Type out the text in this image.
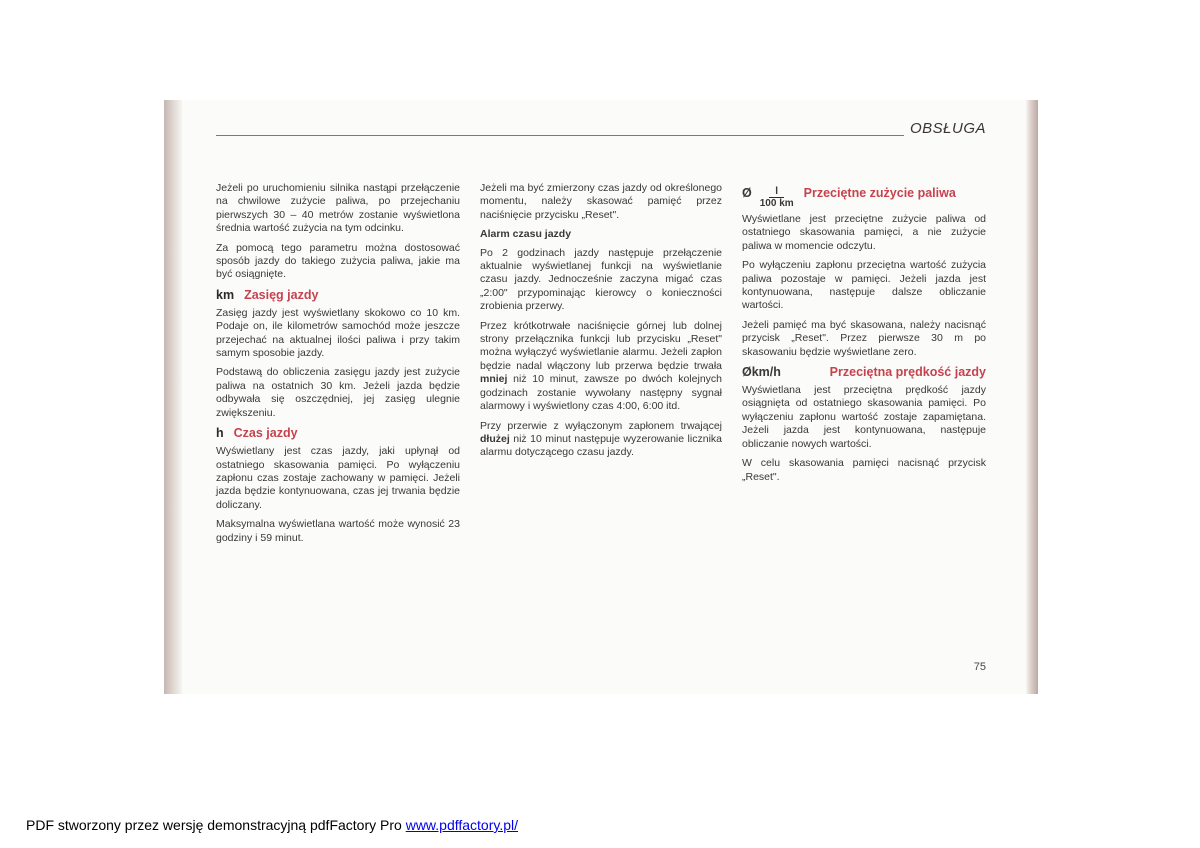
OBSŁUGA

Jeżeli po uruchomieniu silnika nastąpi przełączenie na chwilowe zużycie paliwa, po przejechaniu pierwszych 30 – 40 metrów zostanie wyświetlona średnia wartość zużycia na tym odcinku.

Za pomocą tego parametru można dostosować sposób jazdy do takiego zużycia paliwa, jakie ma być osiągnięte.

km Zasięg jazdy

Zasięg jazdy jest wyświetlany skokowo co 10 km. Podaje on, ile kilometrów samochód może jeszcze przejechać na aktualnej ilości paliwa i przy takim samym sposobie jazdy.

Podstawą do obliczenia zasięgu jazdy jest zużycie paliwa na ostatnich 30 km. Jeżeli jazda będzie odbywała się oszczędniej, jej zasięg ulegnie zwiększeniu.

h Czas jazdy

Wyświetlany jest czas jazdy, jaki upłynął od ostatniego skasowania pamięci. Po wyłączeniu zapłonu czas zostaje zachowany w pamięci. Jeżeli jazda będzie kontynuowana, czas jej trwania będzie doliczany.

Maksymalna wyświetlana wartość może wynosić 23 godziny i 59 minut.

Jeżeli ma być zmierzony czas jazdy od określonego momentu, należy skasować pamięć przez naciśnięcie przycisku „Reset".

Alarm czasu jazdy

Po 2 godzinach jazdy następuje przełączenie aktualnie wyświetlanej funkcji na wyświetlanie czasu jazdy. Jednocześnie zaczyna migać czas „2:00" przypominając kierowcy o konieczności zrobienia przerwy.

Przez krótkotrwałe naciśnięcie górnej lub dolnej strony przełącznika funkcji lub przycisku „Reset" można wyłączyć wyświetlanie alarmu. Jeżeli zapłon będzie nadal włączony lub przerwa będzie trwała mniej niż 10 minut, zawsze po dwóch kolejnych godzinach zostanie wywołany następny sygnał alarmowy i wyświetlony czas 4:00, 6:00 itd.

Przy przerwie z wyłączonym zapłonem trwającej dłużej niż 10 minut następuje wyzerowanie licznika alarmu dotyczącego czasu jazdy.

Ø $\frac{l}{100 km}$ Przeciętne zużycie paliwa

Wyświetlane jest przeciętne zużycie paliwa od ostatniego skasowania pamięci, a nie zużycie paliwa w momencie odczytu.

Po wyłączeniu zapłonu przeciętna wartość zużycia paliwa pozostaje w pamięci. Jeżeli jazda jest kontynuowana, następuje dalsze obliczanie wartości.

Jeżeli pamięć ma być skasowana, należy nacisnąć przycisk „Reset". Przez pierwsze 30 m po skasowaniu będzie wyświetlane zero.

Økm/h	Przeciętna prędkość jazdy

Wyświetlana jest przeciętna prędkość jazdy osiągnięta od ostatniego skasowania pamięci. Po wyłączeniu zapłonu wartość zostaje zapamiętana. Jeżeli jazda jest kontynuowana, następuje obliczanie nowych wartości.

W celu skasowania pamięci nacisnąć przycisk „Reset".

75
PDF stworzony przez wersję demonstracyjną pdfFactory Pro www.pdffactory.pl/
